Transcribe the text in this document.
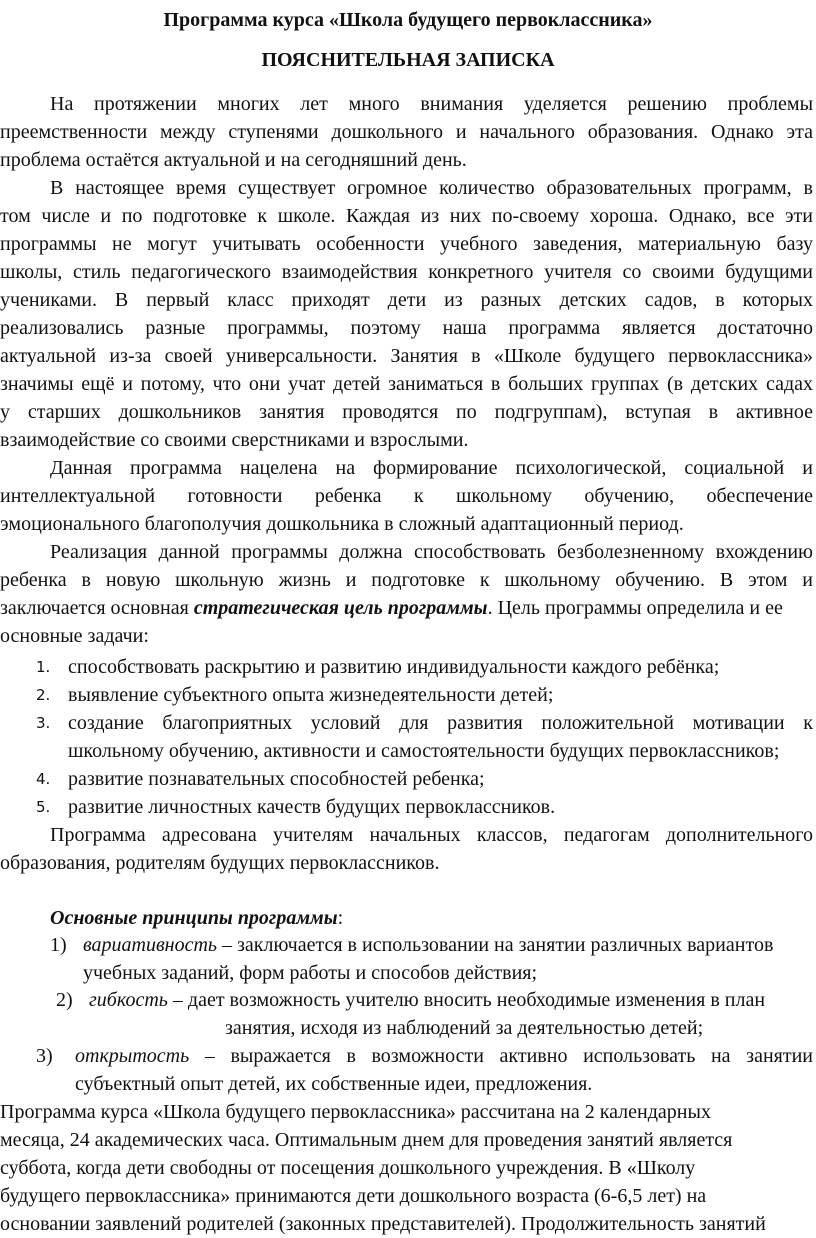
Программа курса «Школа будущего первоклассника»
ПОЯСНИТЕЛЬНАЯ ЗАПИСКА
На протяжении многих лет много внимания уделяется решению проблемы
преемственности между ступенями дошкольного и начального образования. Однако эта
проблема остаётся актуальной и на сегодняшний день.
В настоящее время существует огромное количество образовательных программ, в
том числе и по подготовке к школе. Каждая из них по-своему хороша. Однако, все эти
программы не могут учитывать особенности учебного заведения, материальную базу
школы, стиль педагогического взаимодействия конкретного учителя со своими будущими
учениками. В первый класс приходят дети из разных детских садов, в которых
реализовались разные программы, поэтому наша программа является достаточно
актуальной из-за своей универсальности. Занятия в «Школе будущего первоклассника»
значимы ещё и потому, что они учат детей заниматься в больших группах (в детских садах
у старших дошкольников занятия проводятся по подгруппам), вступая в активное
взаимодействие со своими сверстниками и взрослыми.
Данная программа нацелена на формирование психологической, социальной и
интеллектуальной готовности ребенка к школьному обучению, обеспечение
эмоционального благополучия дошкольника в сложный адаптационный период.
Реализация данной программы должна способствовать безболезненному вхождению
ребенка в новую школьную жизнь и подготовке к школьному обучению. В этом и
заключается основная стратегическая цель программы. Цель программы определила и ее
основные задачи:
1. способствовать раскрытию и развитию индивидуальности каждого ребёнка;
2. выявление субъектного опыта жизнедеятельности детей;
3. создание благоприятных условий для развития положительной мотивации к
школьному обучению, активности и самостоятельности будущих первоклассников;
4. развитие познавательных способностей ребенка;
5. развитие личностных качеств будущих первоклассников.
Программа адресована учителям начальных классов, педагогам дополнительного
образования, родителям будущих первоклассников.
Основные принципы программы:
1) вариативность – заключается в использовании на занятии различных вариантов
учебных заданий, форм работы и способов действия;
2) гибкость – дает возможность учителю вносить необходимые изменения в план
занятия, исходя из наблюдений за деятельностью детей;
3) открытость – выражается в возможности активно использовать на занятии
субъектный опыт детей, их собственные идеи, предложения.
Программа курса «Школа будущего первоклассника» рассчитана на 2 календарных
месяца, 24 академических часа. Оптимальным днем для проведения занятий является
суббота, когда дети свободны от посещения дошкольного учреждения. В «Школу
будущего первоклассника» принимаются дети дошкольного возраста (6-6,5 лет) на
основании заявлений родителей (законных представителей). Продолжительность занятий
